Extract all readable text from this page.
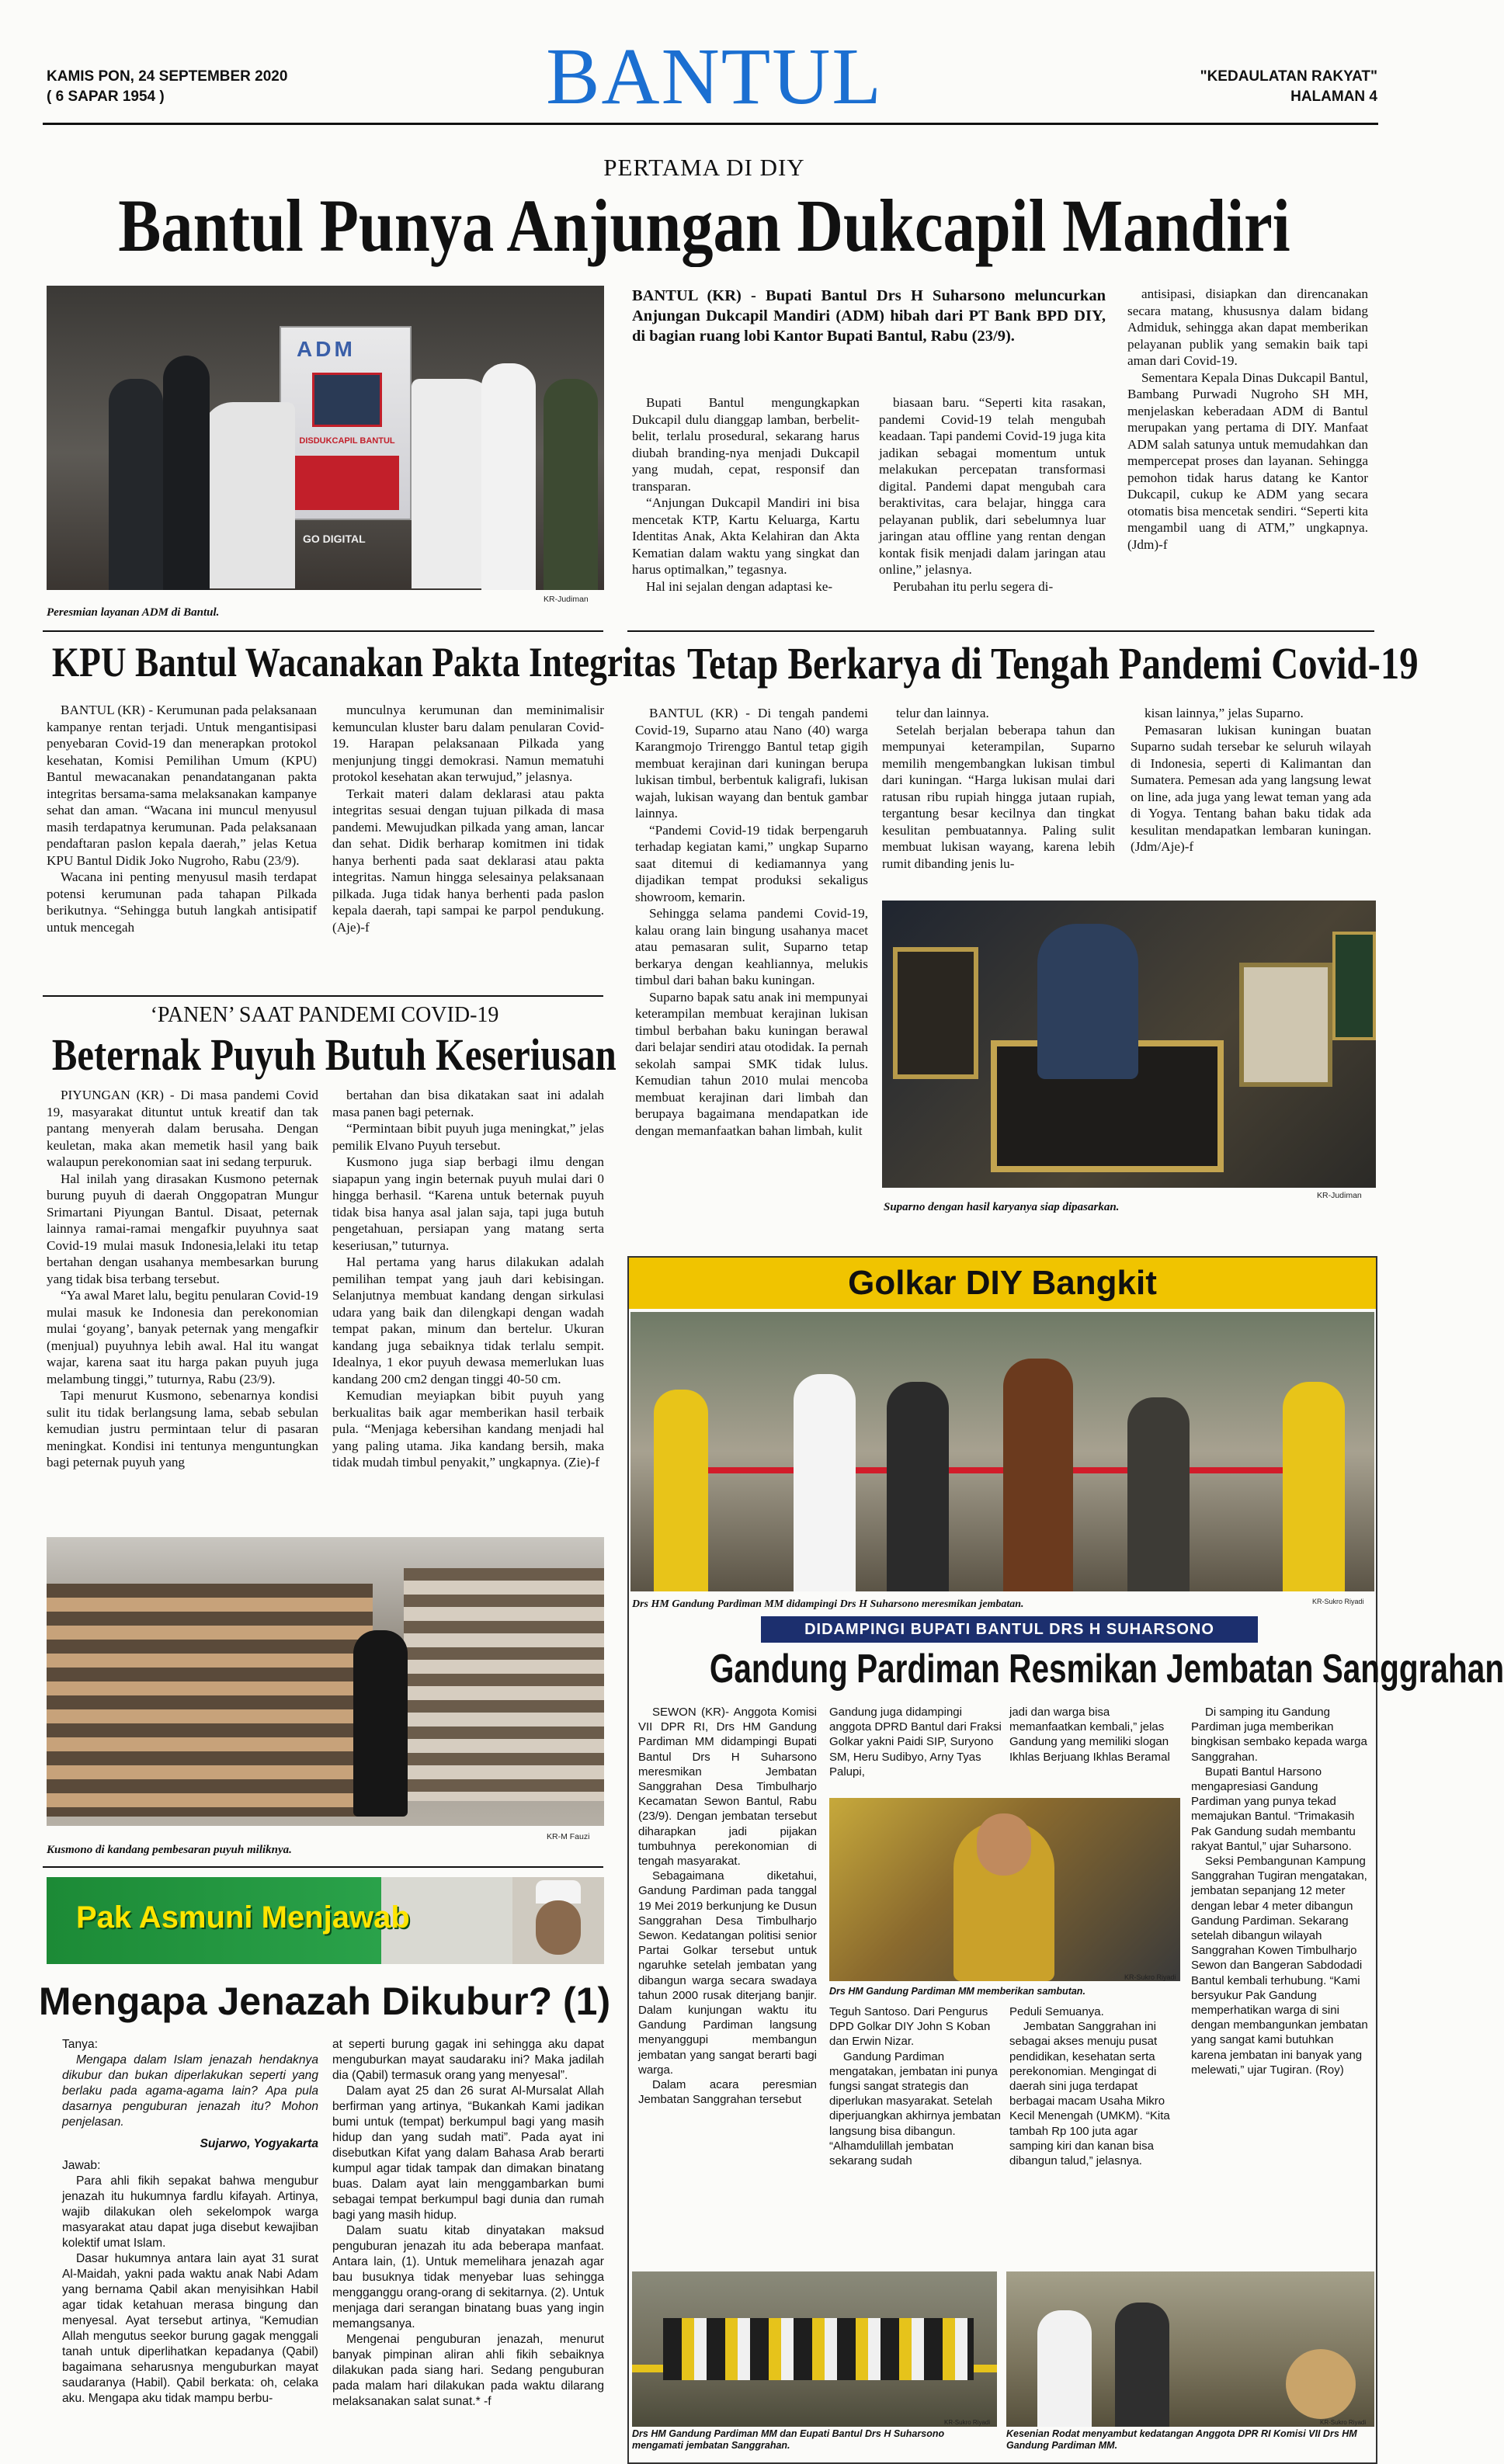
KAMIS PON, 24 SEPTEMBER 2020
( 6 SAPAR 1954 )	BANTUL	"KEDAULATAN RAKYAT"
HALAMAN 4
PERTAMA DI DIY
Bantul Punya Anjungan Dukcapil Mandiri
ADM
DISDUKCAPIL BANTUL
GO DIGITAL
Peresmian layanan ADM di Bantul.
KR-Judiman

BANTUL (KR) - Bupati Bantul Drs H Suharsono meluncurkan Anjungan Dukcapil Mandiri (ADM) hibah dari PT Bank BPD DIY, di bagian ruang lobi Kantor Bupati Bantul, Rabu (23/9).

Bupati Bantul mengungkapkan Dukcapil dulu dianggap lamban, berbelit-belit, terlalu prosedural, sekarang harus diubah branding-nya menjadi Dukcapil yang mudah, cepat, responsif dan transparan.

“Anjungan Dukcapil Mandiri ini bisa mencetak KTP, Kartu Keluarga, Kartu Identitas Anak, Akta Kelahiran dan Akta Kematian dalam waktu yang singkat dan harus optimalkan,” tegasnya.

Hal ini sejalan dengan adaptasi ke-

biasaan baru. “Seperti kita rasakan, pandemi Covid-19 telah mengubah keadaan. Tapi pandemi Covid-19 juga kita jadikan sebagai momentum untuk melakukan percepatan transformasi digital. Pandemi dapat mengubah cara beraktivitas, cara belajar, hingga cara pelayanan publik, dari sebelumnya luar jaringan atau offline yang rentan dengan kontak fisik menjadi dalam jaringan atau online,” jelasnya.

Perubahan itu perlu segera di-

antisipasi, disiapkan dan direncanakan secara matang, khususnya dalam bidang Admiduk, sehingga akan dapat memberikan pelayanan publik yang semakin baik tapi aman dari Covid-19.

Sementara Kepala Dinas Dukcapil Bantul, Bambang Purwadi Nugroho SH MH, menjelaskan keberadaan ADM di Bantul merupakan yang pertama di DIY. Manfaat ADM salah satunya untuk memudahkan dan mempercepat proses dan layanan. Sehingga pemohon tidak harus datang ke Kantor Dukcapil, cukup ke ADM yang secara otomatis bisa mencetak sendiri. “Seperti kita mengambil uang di ATM,” ungkapnya. (Jdm)-f

KPU Bantul Wacanakan Pakta Integritas

BANTUL (KR) - Kerumunan pada pelaksanaan kampanye rentan terjadi. Untuk mengantisipasi penyebaran Covid-19 dan menerapkan protokol kesehatan, Komisi Pemilihan Umum (KPU) Bantul mewacanakan penandatanganan pakta integritas bersama-sama melaksanakan kampanye sehat dan aman. “Wacana ini muncul menyusul masih terdapatnya kerumunan. Pada pelaksanaan pendaftaran paslon kepala daerah,” jelas Ketua KPU Bantul Didik Joko Nugroho, Rabu (23/9).

Wacana ini penting menyusul masih terdapat potensi kerumunan pada tahapan Pilkada berikutnya. “Sehingga butuh langkah antisipatif untuk mencegah

munculnya kerumunan dan meminimalisir kemunculan kluster baru dalam penularan Covid-19. Harapan pelaksanaan Pilkada yang menjunjung tinggi demokrasi. Namun mematuhi protokol kesehatan akan terwujud,” jelasnya.

Terkait materi dalam deklarasi atau pakta integritas sesuai dengan tujuan pilkada di masa pandemi. Mewujudkan pilkada yang aman, lancar dan sehat. Didik berharap komitmen ini tidak hanya berhenti pada saat deklarasi atau pakta integritas. Namun hingga selesainya pelaksanaan pilkada. Juga tidak hanya berhenti pada paslon kepala daerah, tapi sampai ke parpol pendukung. (Aje)-f

‘PANEN’ SAAT PANDEMI COVID-19
Beternak Puyuh Butuh Keseriusan

PIYUNGAN (KR) - Di masa pandemi Covid 19, masyarakat dituntut untuk kreatif dan tak pantang menyerah dalam berusaha. Dengan keuletan, maka akan memetik hasil yang baik walaupun perekonomian saat ini sedang terpuruk.

Hal inilah yang dirasakan Kusmono peternak burung puyuh di daerah Onggopatran Mungur Srimartani Piyungan Bantul. Disaat, peternak lainnya ramai-ramai mengafkir puyuhnya saat Covid-19 mulai masuk Indonesia,lelaki itu tetap bertahan dengan usahanya membesarkan burung yang tidak bisa terbang tersebut.

“Ya awal Maret lalu, begitu penularan Covid-19 mulai masuk ke Indonesia dan perekonomian mulai ‘goyang’, banyak peternak yang mengafkir (menjual) puyuhnya lebih awal. Hal itu wangat wajar, karena saat itu harga pakan puyuh juga melambung tinggi,” tuturnya, Rabu (23/9).

Tapi menurut Kusmono, sebenarnya kondisi sulit itu tidak berlangsung lama, sebab sebulan kemudian justru permintaan telur di pasaran meningkat. Kondisi ini tentunya menguntungkan bagi peternak puyuh yang

bertahan dan bisa dikatakan saat ini adalah masa panen bagi peternak.

“Permintaan bibit puyuh juga meningkat,” jelas pemilik Elvano Puyuh tersebut.

Kusmono juga siap berbagi ilmu dengan siapapun yang ingin beternak puyuh mulai dari 0 hingga berhasil. “Karena untuk beternak puyuh tidak bisa hanya asal jalan saja, tapi juga butuh pengetahuan, persiapan yang matang serta keseriusan,” tuturnya.

Hal pertama yang harus dilakukan adalah pemilihan tempat yang jauh dari kebisingan. Selanjutnya membuat kandang dengan sirkulasi udara yang baik dan dilengkapi dengan wadah tempat pakan, minum dan bertelur. Ukuran kandang juga sebaiknya tidak terlalu sempit. Idealnya, 1 ekor puyuh dewasa memerlukan luas kandang 200 cm2 dengan tinggi 40-50 cm.

Kemudian meyiapkan bibit puyuh yang berkualitas baik agar memberikan hasil terbaik pula. “Menjaga kebersihan kandang menjadi hal yang paling utama. Jika kandang bersih, maka tidak mudah timbul penyakit,” ungkapnya. (Zie)-f

Kusmono di kandang pembesaran puyuh miliknya.
KR-M Fauzi
Pak Asmuni Menjawab
Mengapa Jenazah Dikubur? (1)

Tanya:

Mengapa dalam Islam jenazah hendaknya dikubur dan bukan diperlakukan seperti yang berlaku pada agama-agama lain? Apa pula dasarnya penguburan jenazah itu? Mohon penjelasan.

Sujarwo, Yogyakarta

Jawab:

Para ahli fikih sepakat bahwa mengubur jenazah itu hukumnya fardlu kifayah. Artinya, wajib dilakukan oleh sekelompok warga masyarakat atau dapat juga disebut kewajiban kolektif umat Islam.

Dasar hukumnya antara lain ayat 31 surat Al-Maidah, yakni pada waktu anak Nabi Adam yang bernama Qabil akan menyisihkan Habil agar tidak ketahuan merasa bingung dan menyesal. Ayat tersebut artinya, “Kemudian Allah mengutus seekor burung gagak menggali tanah untuk diperlihatkan kepadanya (Qabil) bagaimana seharusnya menguburkan mayat saudaranya (Habil). Qabil berkata: oh, celaka aku. Mengapa aku tidak mampu berbu-

at seperti burung gagak ini sehingga aku dapat menguburkan mayat saudaraku ini? Maka jadilah dia (Qabil) termasuk orang yang menyesal”.

Dalam ayat 25 dan 26 surat Al-Mursalat Allah berfirman yang artinya, “Bukankah Kami jadikan bumi untuk (tempat) berkumpul bagi yang masih hidup dan yang sudah mati”. Pada ayat ini disebutkan Kifat yang dalam Bahasa Arab berarti kumpul agar tidak tampak dan dimakan binatang buas. Dalam ayat lain menggambarkan bumi sebagai tempat berkumpul bagi dunia dan rumah bagi yang masih hidup.

Dalam suatu kitab dinyatakan maksud penguburan jenazah itu ada beberapa manfaat. Antara lain, (1). Untuk memelihara jenazah agar bau busuknya tidak menyebar luas sehingga mengganggu orang-orang di sekitarnya. (2). Untuk menjaga dari serangan binatang buas yang ingin memangsanya.

Mengenai penguburan jenazah, menurut banyak pimpinan aliran ahli fikih sebaiknya dilakukan pada siang hari. Sedang penguburan pada malam hari dilakukan pada waktu dilarang melaksanakan salat sunat.* -f

Tetap Berkarya di Tengah Pandemi Covid-19

BANTUL (KR) - Di tengah pandemi Covid-19, Suparno atau Nano (40) warga Karangmojo Trirenggo Bantul tetap gigih membuat kerajinan dari kuningan berupa lukisan timbul, berbentuk kaligrafi, lukisan wajah, lukisan wayang dan bentuk gambar lainnya.

“Pandemi Covid-19 tidak berpengaruh terhadap kegiatan kami,” ungkap Suparno saat ditemui di kediamannya yang dijadikan tempat produksi sekaligus showroom, kemarin.

Sehingga selama pandemi Covid-19, kalau orang lain bingung usahanya macet atau pemasaran sulit, Suparno tetap berkarya dengan keahliannya, melukis timbul dari bahan baku kuningan.

Suparno bapak satu anak ini mempunyai keterampilan membuat kerajinan lukisan timbul berbahan baku kuningan berawal dari belajar sendiri atau otodidak. Ia pernah sekolah sampai SMK tidak lulus. Kemudian tahun 2010 mulai mencoba membuat kerajinan dari limbah dan berupaya bagaimana mendapatkan ide dengan memanfaatkan bahan limbah, kulit

telur dan lainnya.

Setelah berjalan beberapa tahun dan mempunyai keterampilan, Suparno memilih mengembangkan lukisan timbul dari kuningan. “Harga lukisan mulai dari ratusan ribu rupiah hingga jutaan rupiah, tergantung besar kecilnya dan tingkat kesulitan pembuatannya. Paling sulit membuat lukisan wayang, karena lebih rumit dibanding jenis lu-

kisan lainnya,” jelas Suparno.

Pemasaran lukisan kuningan buatan Suparno sudah tersebar ke seluruh wilayah di Indonesia, seperti di Kalimantan dan Sumatera. Pemesan ada yang langsung lewat on line, ada juga yang lewat teman yang ada di Yogya. Tentang bahan baku tidak ada kesulitan mendapatkan lembaran kuningan. (Jdm/Aje)-f

Suparno dengan hasil karyanya siap dipasarkan.
KR-Judiman
Golkar DIY Bangkit
Drs HM Gandung Pardiman MM didampingi Drs H Suharsono meresmikan jembatan.	KR-Sukro Riyadi
DIDAMPINGI BUPATI BANTUL DRS H SUHARSONO
Gandung Pardiman Resmikan Jembatan Sanggrahan

SEWON (KR)- Anggota Komisi VII DPR RI, Drs HM Gandung Pardiman MM didampingi Bupati Bantul Drs H Suharsono meresmikan Jembatan Sanggrahan Desa Timbulharjo Kecamatan Sewon Bantul, Rabu (23/9). Dengan jembatan tersebut diharapkan jadi pijakan tumbuhnya perekonomian di tengah masyarakat.

Sebagaimana diketahui, Gandung Pardiman pada tanggal 19 Mei 2019 berkunjung ke Dusun Sanggrahan Desa Timbulharjo Sewon. Kedatangan politisi senior Partai Golkar tersebut untuk ngaruhke setelah jembatan yang dibangun warga secara swadaya tahun 2000 rusak diterjang banjir. Dalam kunjungan waktu itu Gandung Pardiman langsung menyanggupi membangun jembatan yang sangat berarti bagi warga.

Dalam acara peresmian Jembatan Sanggrahan tersebut

Gandung juga didampingi anggota DPRD Bantul dari Fraksi Golkar yakni Paidi SIP, Suryono SM, Heru Sudibyo, Arny Tyas Palupi,

jadi dan warga bisa memanfaatkan kembali,” jelas Gandung yang memiliki slogan Ikhlas Berjuang Ikhlas Beramal

Drs HM Gandung Pardiman MM memberikan sambutan.
KR-Sukro Riyadi

Teguh Santoso. Dari Pengurus DPD Golkar DIY John S Koban dan Erwin Nizar.

Gandung Pardiman mengatakan, jembatan ini punya fungsi sangat strategis dan diperlukan masyarakat. Setelah diperjuangkan akhirnya jembatan langsung bisa dibangun. “Alhamdulillah jembatan sekarang sudah

Peduli Semuanya.

Jembatan Sanggrahan ini sebagai akses menuju pusat pendidikan, kesehatan serta perekonomian. Mengingat di daerah sini juga terdapat berbagai macam Usaha Mikro Kecil Menengah (UMKM). “Kita tambah Rp 100 juta agar samping kiri dan kanan bisa dibangun talud,” jelasnya.

Di samping itu Gandung Pardiman juga memberikan bingkisan sembako kepada warga Sanggrahan.

Bupati Bantul Harsono mengapresiasi Gandung Pardiman yang punya tekad memajukan Bantul. “Trimakasih Pak Gandung sudah membantu rakyat Bantul,” ujar Suharsono.

Seksi Pembangunan Kampung Sanggrahan Tugiran mengatakan, jembatan sepanjang 12 meter dengan lebar 4 meter dibangun Gandung Pardiman. Sekarang setelah dibangun wilayah Sanggrahan Kowen Timbulharjo Sewon dan Bangeran Sabdodadi Bantul kembali terhubung. “Kami bersyukur Pak Gandung memperhatikan warga di sini dengan membangunkan jembatan yang sangat kami butuhkan karena jembatan ini banyak yang melewati,” ujar Tugiran. (Roy)

Drs HM Gandung Pardiman MM dan Eupati Bantul Drs H Suharsono mengamati jembatan Sanggrahan.
KR-Sukro Riyadi
Kesenian Rodat menyambut kedatangan Anggota DPR RI Komisi VII Drs HM Gandung Pardiman MM.
KR-Sukro Riyadi
